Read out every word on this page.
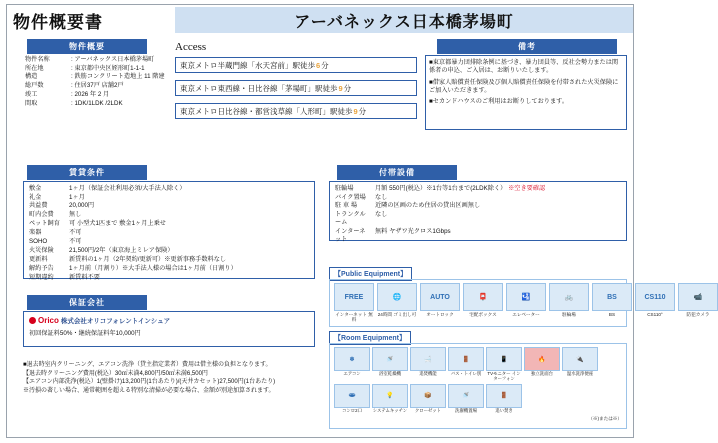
物件概要書	アーバネックス日本橋茅場町
物件概要
物件名称	: アーバネックス日本橋茅場町
所在地	: 東京都中央区姪形町1-1-1
構造	: 鉄筋コンクリート造地上 11 階建
総戸数	: 住居37戸 店舗2戸
竣工	: 2026 年 2 月
間取	: 1DK/1LDK /2LDK
Access
東京メトロ半蔵門線「水天宮前」駅徒歩 6 分
東京メトロ東西線・日比谷線「茅場町」駅徒歩 9 分
東京メトロ日比谷線・都営浅草線「人形町」駅徒歩 9 分
備考
■東京都暴力団排除条例に基づき、暴力団員等、反社会勢力または関係者の申込、ご入居は、お断りいたします。
■借家人賠償責任保険及び個人賠償責任保険を付帯された火災保険にご加入いただきます。
■セカンドハウスのご利用はお断りしております。
賃貸条件
敷金	1ヶ月（保証会社利用必須/大手法人除く）
礼金	1ヶ月
共益費	20,000円
町内会費	無し
ペット飼育	可 小型犬1匹まで 敷金1ヶ月上乗せ
楽器	不可
SOHO	不可
火災保険	21,500円/2年（東京海上ミレア保険）
更新料	新賃料の1ヶ月（2年契約/更新可）※更新事務手数料なし
解約予告	1ヶ月前（月割り）※大手法人様の場合は1ヶ月前（日割り）
短期違約	新賃料不要
付帯設備
駐輪場	月額 550円(税込）※1台等1台まで(2LDK除く） ※空き要確認
バイク置場	なし
駐 車 場	近隣の区画のため住居の貸出区画無し
トランクルーム	なし
インターネット	無料 ヤザワ光クロス1Gbps
保証会社
Orico 株式会社オリコフォレントインシュア
初回保証料50%・継続保証料年10,000円
【Public Equipment】
FREE
インターネット 無料
🌐
24時間 ゴミ出し可
AUTO
オートロック
📮
宅配ボックス
🛂
エレベーター
🚲
駐輪場
BS
BS
CS110
CS110°
📹
防犯カメラ
【Room Equipment】
❄
エアコン
🚿
浴室乾燥機
🛁
追焚機能
🚪
バス・トイレ別
📱
TVモニター インターフォン
🔥
独立洗面台
🔌
温水洗浄便座
🕳
コンロ2口
💡
システムキッチン
📦
クローゼット
🚿
洗濯機置場
🚪
追い焚き
（※)または※）
■退去時室内クリーニング、エアコン洗浄（貸主指定業者）費用は借主様の負担となります。
【退去時クリーニング費用(税込）30㎡未満4,800円/50㎡未満6,500円
【エアコン内部洗浄(税込）1(壁掛け)13,200円(1台あたり)/(天井カセット)27,500円(1台あたり)
※汚損の著しい場合、通常範囲を超える特別な清掃が必要な場合、金額が別途加算されます。
